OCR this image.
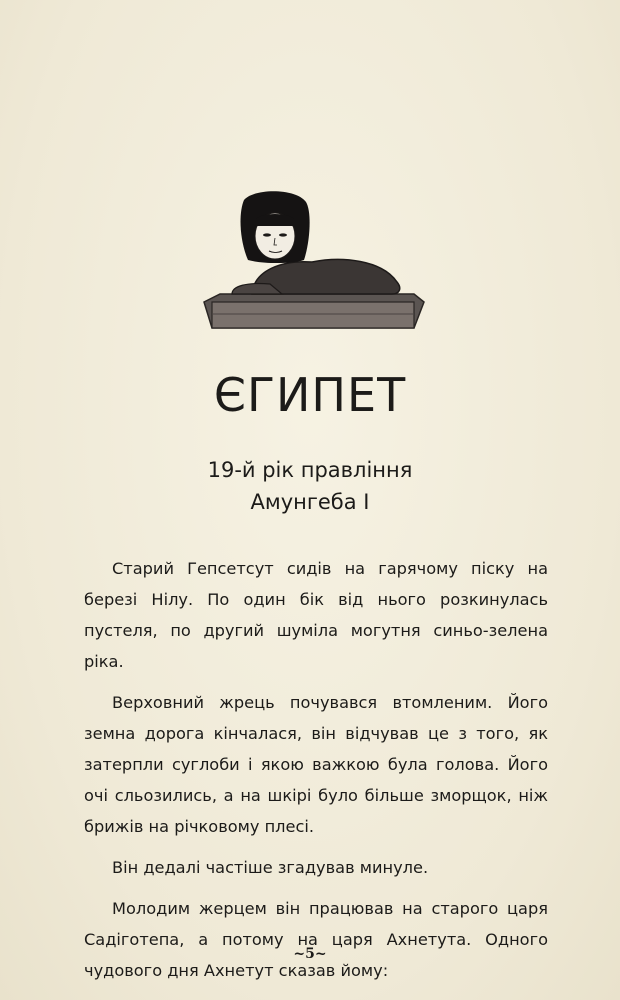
ЄГИПЕТ
19-й рік правління
Амунгеба І

Старий Гепсетсут сидів на гарячому піску на березі Нілу. По один бік від нього розкинулась пустеля, по другий шуміла могутня синьо-зелена ріка.

Верховний жрець почувався втомленим. Його земна дорога кінчалася, він відчував це з того, як затерпли суглоби і якою важкою була голова. Його очі сльозились, а на шкірі було більше зморщок, ніж брижів на річковому плесі.

Він дедалі частіше згадував минуле.

Молодим жерцем він працював на старого царя Садіготепа, а потому на царя Ахнетута. Одного чудового дня Ахнетут сказав йому:

~5~
